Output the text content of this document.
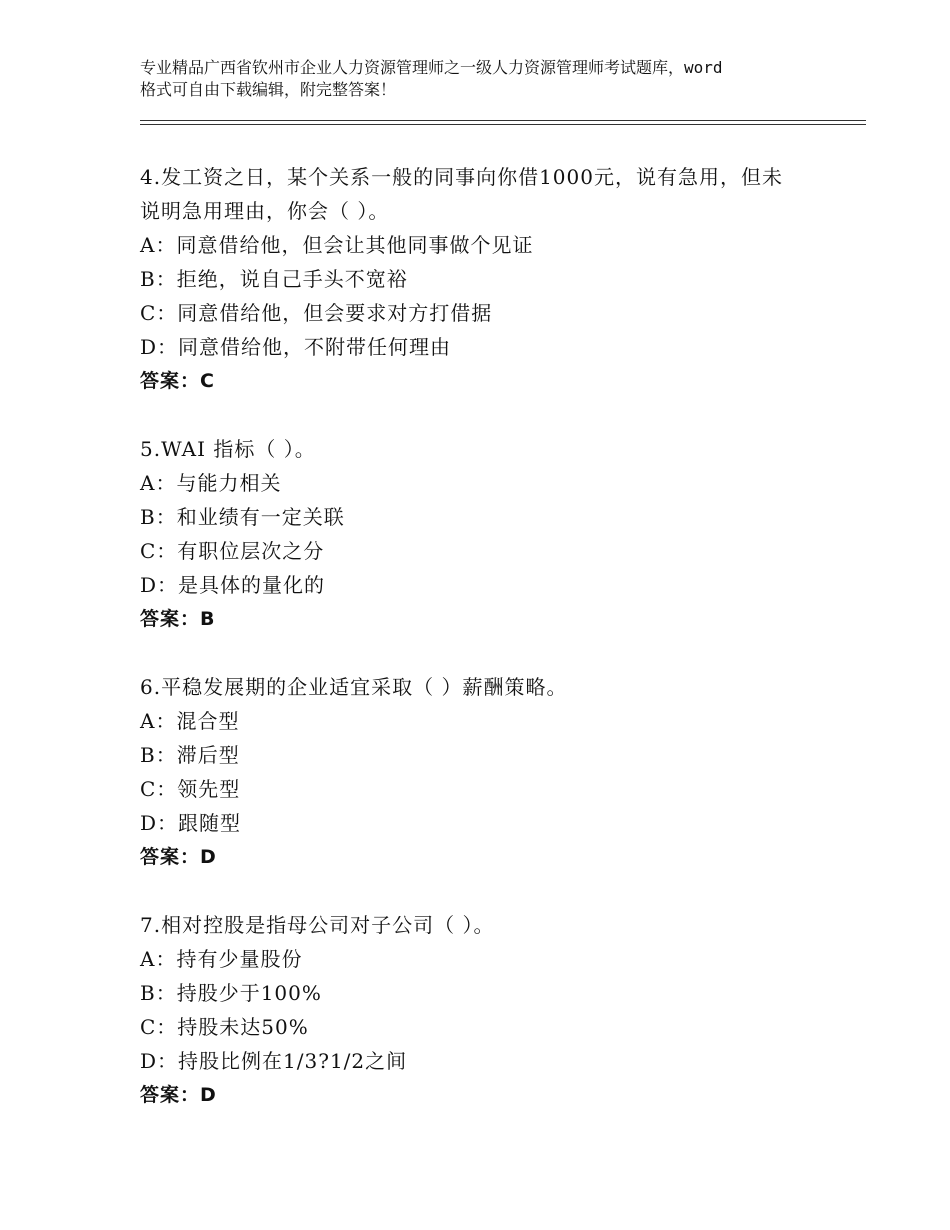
专业精品广西省钦州市企业人力资源管理师之一级人力资源管理师考试题库，word
格式可自由下载编辑，附完整答案！

4.发工资之日，某个关系一般的同事向你借1000元，说有急用，但未

说明急用理由，你会（ ）。

A：同意借给他，但会让其他同事做个见证

B：拒绝，说自己手头不宽裕

C：同意借给他，但会要求对方打借据

D：同意借给他，不附带任何理由

答案：C

5.WAI 指标（ ）。

A：与能力相关

B：和业绩有一定关联

C：有职位层次之分

D：是具体的量化的

答案：B

6.平稳发展期的企业适宜采取（ ）薪酬策略。

A：混合型

B：滞后型

C：领先型

D：跟随型

答案：D

7.相对控股是指母公司对子公司（ ）。

A：持有少量股份

B：持股少于100%

C：持股未达50%

D：持股比例在1/3?1/2之间

答案：D
